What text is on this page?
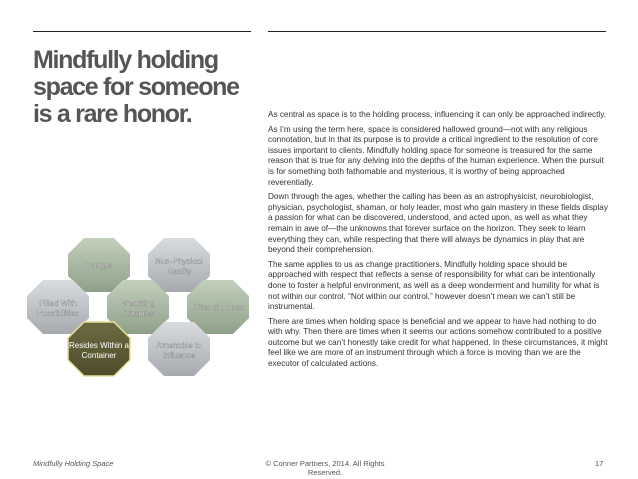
Mindfully holding
space for someone
is a rare honor.	As central as space is to the holding process, influencing it can only be approached indirectly.

As I’m using the term here, space is considered hallowed ground—not with any religious connotation, but in that its purpose is to provide a critical ingredient to the resolution of core issues important to clients. Mindfully holding space for someone is treasured for the same reason that is true for any delving into the depths of the human experience. When the pursuit is for something both fathomable and mysterious, it is worthy of being approached reverentially.

Down through the ages, whether the calling has been as an astrophysicist, neurobiologist, physician, psychologist, shaman, or holy leader, most who gain mastery in these fields display a passion for what can be discovered, understood, and acted upon, as well as what they remain in awe of—the unknowns that forever surface on the horizon. They seek to learn everything they can, while respecting that there will always be dynamics in play that are beyond their comprehension.

The same applies to us as change practitioners. Mindfully holding space should be approached with respect that reflects a sense of responsibility for what can be intentionally done to foster a helpful environment, as well as a deep wonderment and humility for what is not within our control. “Not within our control,” however doesn’t mean we can’t still be instrumental.

There are times when holding space is beneficial and we appear to have had nothing to do with why. Then there are times when it seems our actions somehow contributed to a positive outcome but we can’t honestly take credit for what happened. In these circumstances, it might feel like we are more of an instrument through which a force is moving than we are the executor of calculated actions.

Unique	Non-Physical
Reality
Filled With
Possibilities
Breathing
Struggles
Aims at Focus
Resides Within a
Container
Amenable to
Influence
Mindfully Holding Space	© Conner Partners, 2014. All Rights Reserved.
17
